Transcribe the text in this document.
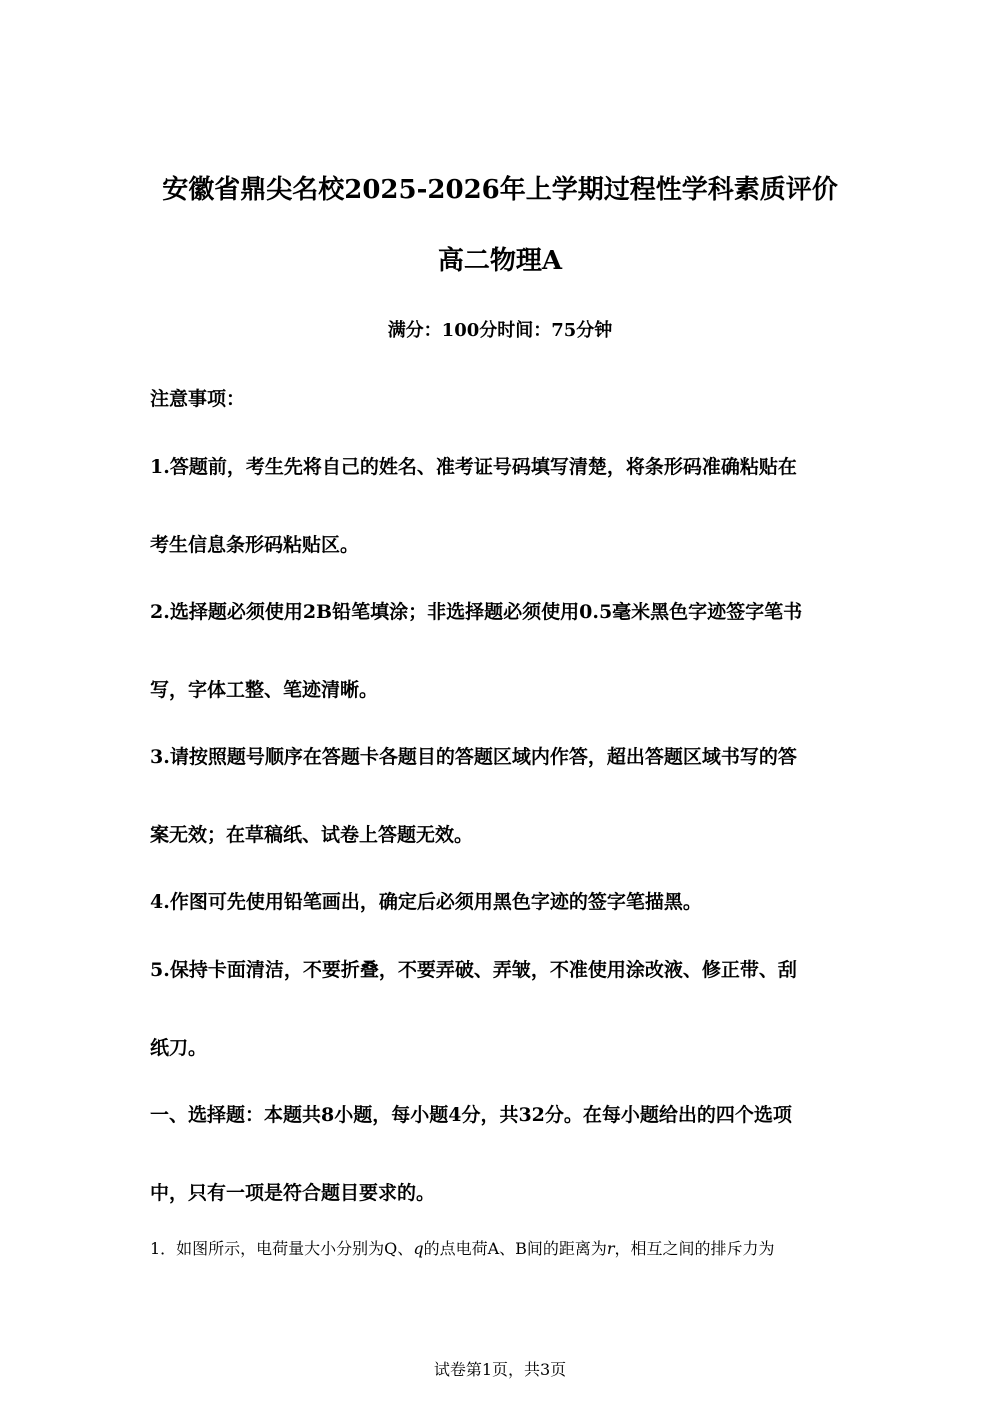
安徽省鼎尖名校2025-2026年上学期过程性学科素质评价
高二物理A
满分：100分时间：75分钟
注意事项：
1.答题前，考生先将自己的姓名、准考证号码填写清楚，将条形码准确粘贴在
考生信息条形码粘贴区。
2.选择题必须使用2B铅笔填涂；非选择题必须使用0.5毫米黑色字迹签字笔书
写，字体工整、笔迹清晰。
3.请按照题号顺序在答题卡各题目的答题区域内作答，超出答题区域书写的答
案无效；在草稿纸、试卷上答题无效。
4.作图可先使用铅笔画出，确定后必须用黑色字迹的签字笔描黑。
5.保持卡面清洁，不要折叠，不要弄破、弄皱，不准使用涂改液、修正带、刮
纸刀。
一、选择题：本题共8小题，每小题4分，共32分。在每小题给出的四个选项
中，只有一项是符合题目要求的。
1．如图所示，电荷量大小分别为Q、q的点电荷A、B间的距离为r，相互之间的排斥力为
试卷第1页，共3页
